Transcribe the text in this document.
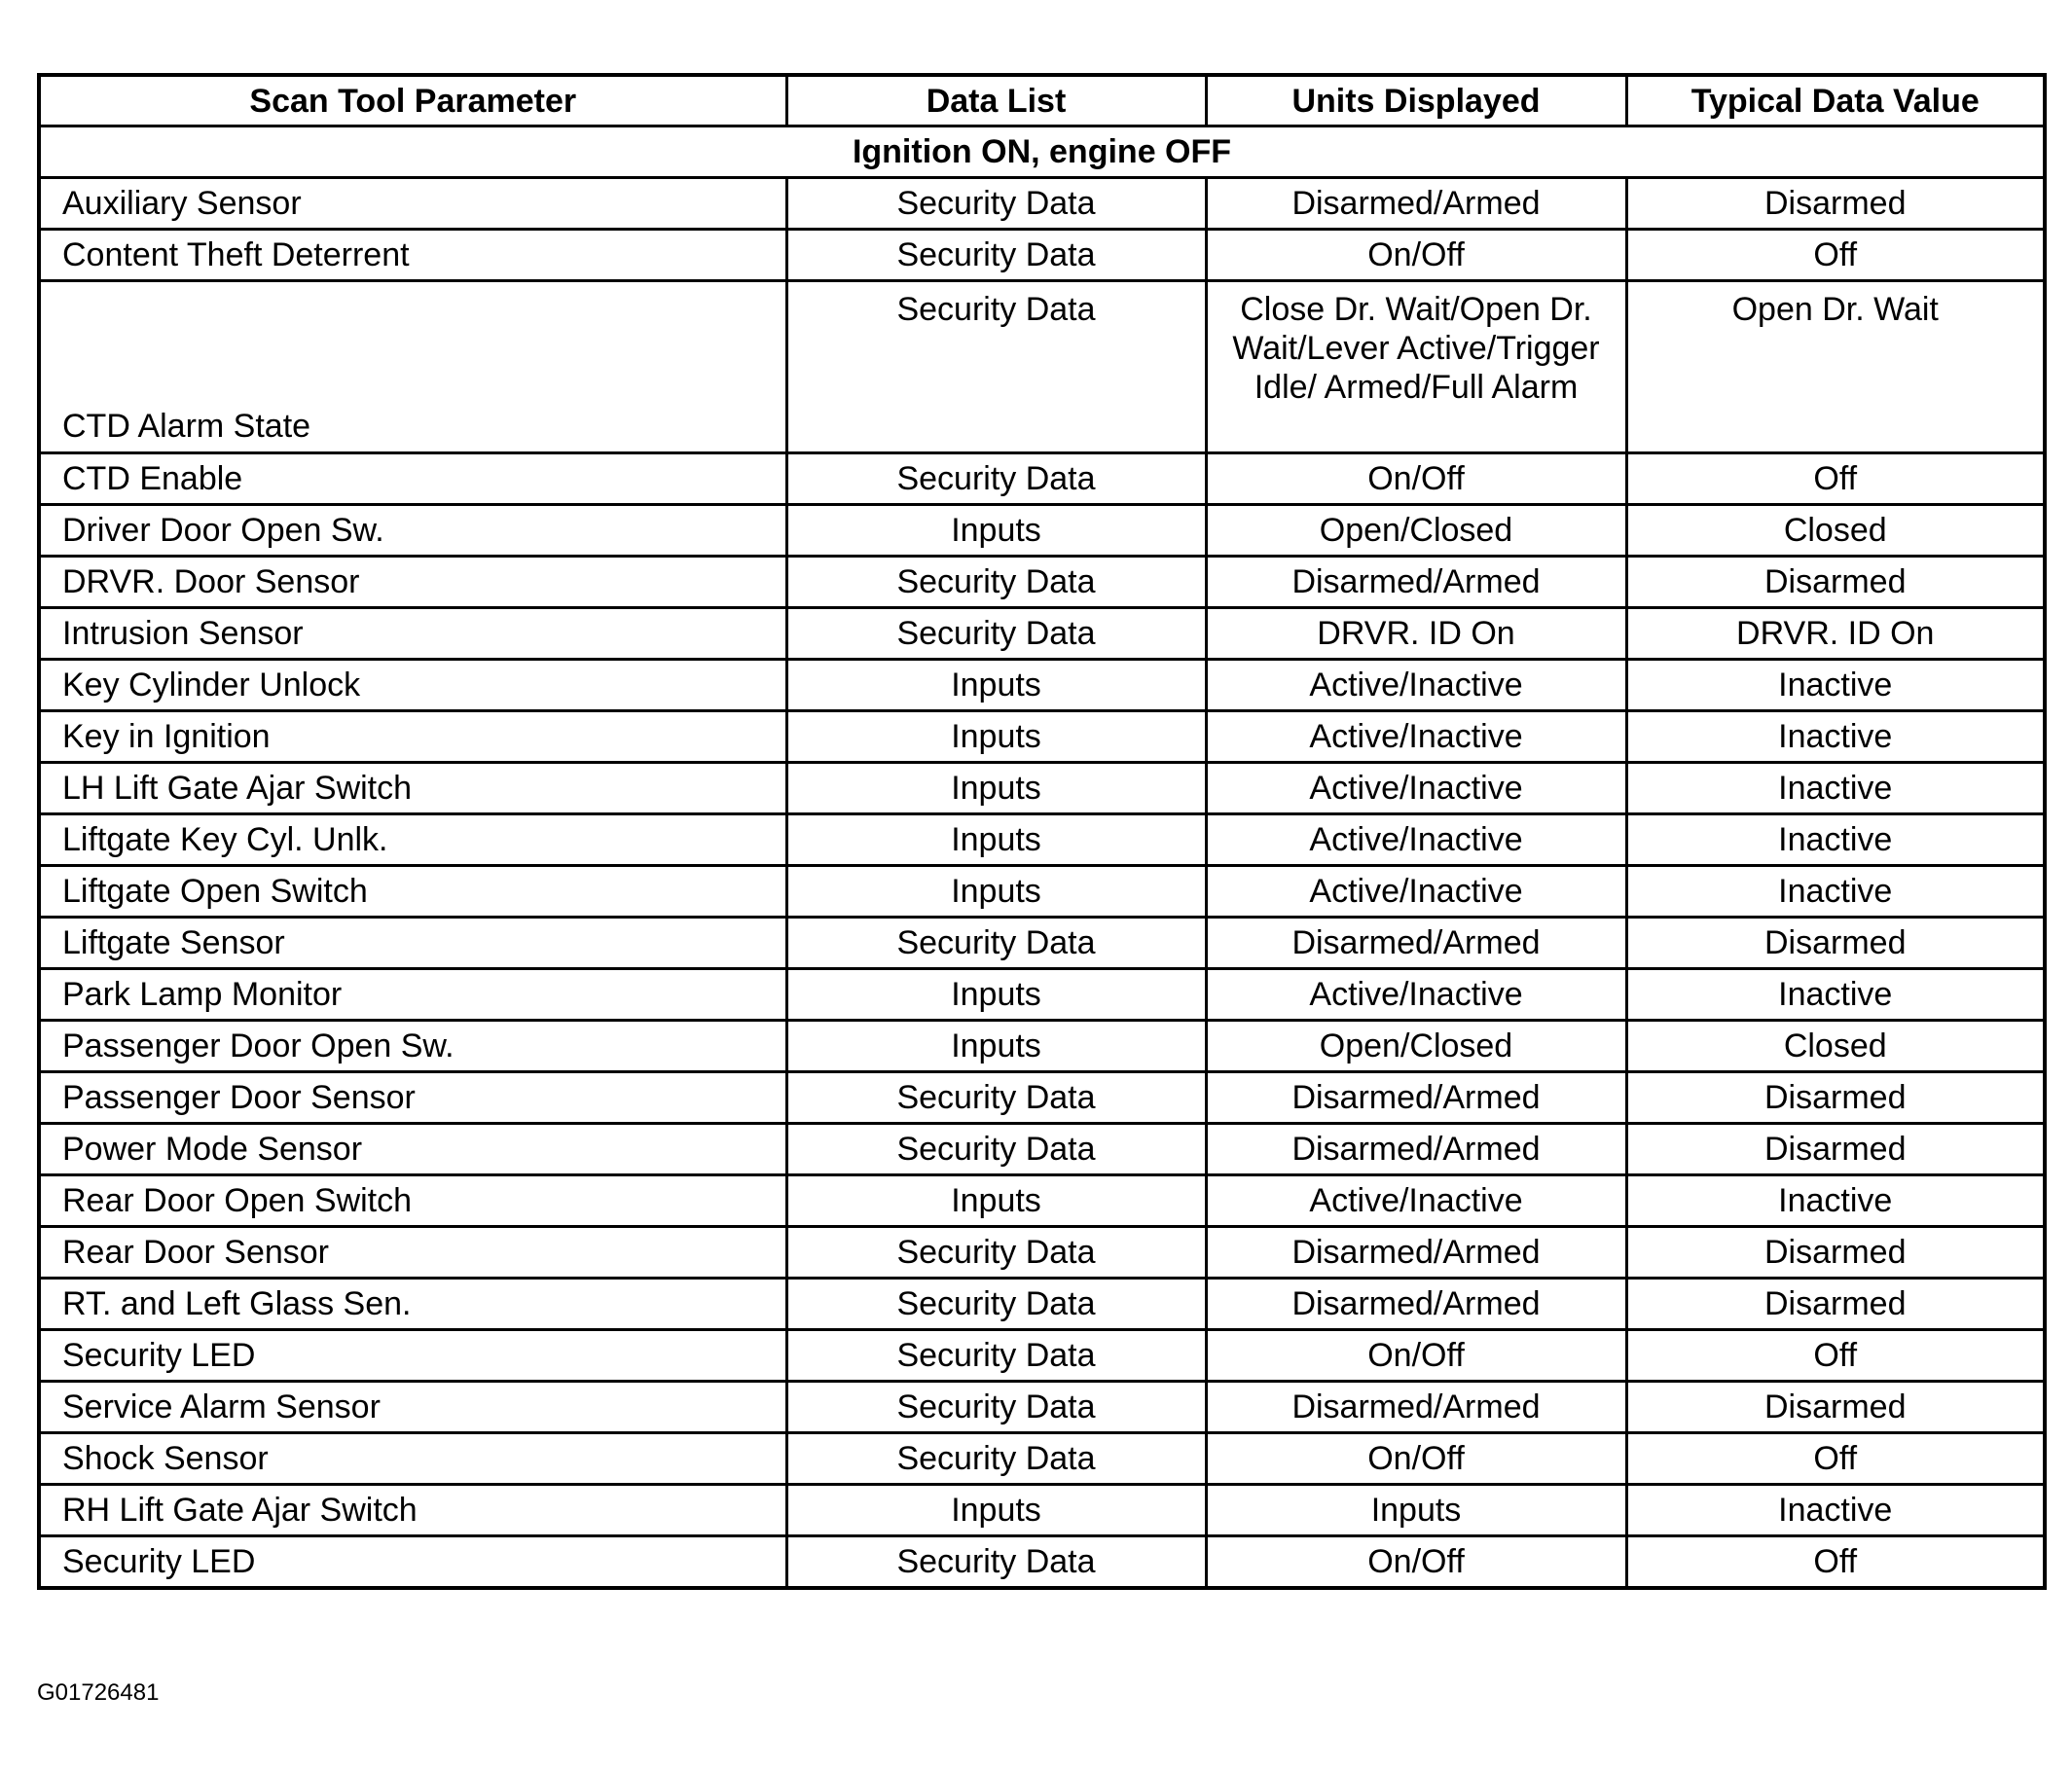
Scan Tool Parameter	Data List	Units Displayed	Typical Data Value
Ignition ON, engine OFF			
Auxiliary Sensor	Security Data	Disarmed/Armed	Disarmed
Content Theft Deterrent	Security Data	On/Off	Off
CTD Alarm State	Security Data	Close Dr. Wait/Open Dr. Wait/Lever Active/Trigger Idle/ Armed/Full Alarm	Open Dr. Wait
CTD Enable	Security Data	On/Off	Off
Driver Door Open Sw.	Inputs	Open/Closed	Closed
DRVR. Door Sensor	Security Data	Disarmed/Armed	Disarmed
Intrusion Sensor	Security Data	DRVR. ID On	DRVR. ID On
Key Cylinder Unlock	Inputs	Active/Inactive	Inactive
Key in Ignition	Inputs	Active/Inactive	Inactive
LH Lift Gate Ajar Switch	Inputs	Active/Inactive	Inactive
Liftgate Key Cyl. Unlk.	Inputs	Active/Inactive	Inactive
Liftgate Open Switch	Inputs	Active/Inactive	Inactive
Liftgate Sensor	Security Data	Disarmed/Armed	Disarmed
Park Lamp Monitor	Inputs	Active/Inactive	Inactive
Passenger Door Open Sw.	Inputs	Open/Closed	Closed
Passenger Door Sensor	Security Data	Disarmed/Armed	Disarmed
Power Mode Sensor	Security Data	Disarmed/Armed	Disarmed
Rear Door Open Switch	Inputs	Active/Inactive	Inactive
Rear Door Sensor	Security Data	Disarmed/Armed	Disarmed
RT. and Left Glass Sen.	Security Data	Disarmed/Armed	Disarmed
Security LED	Security Data	On/Off	Off
Service Alarm Sensor	Security Data	Disarmed/Armed	Disarmed
Shock Sensor	Security Data	On/Off	Off
RH Lift Gate Ajar Switch	Inputs	Inputs	Inactive
Security LED	Security Data	On/Off	Off
G01726481
